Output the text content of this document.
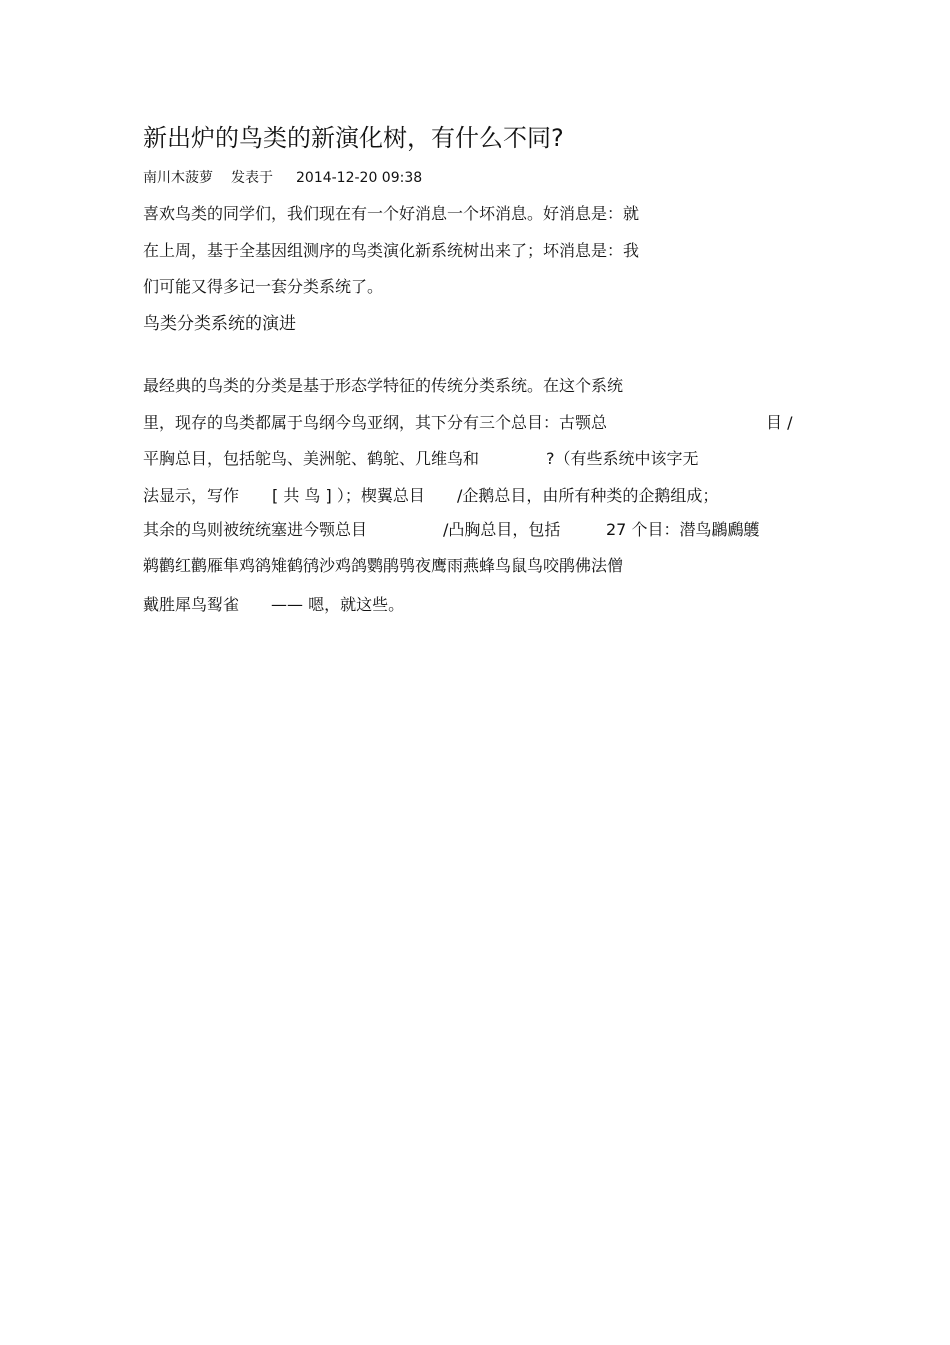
新出炉的鸟类的新演化树，有什么不同?
南川木菠萝 发表于 2014-12-20 09:38
喜欢鸟类的同学们，我们现在有一个好消息一个坏消息。好消息是：就
在上周，基于全基因组测序的鸟类演化新系统树出来了；坏消息是：我
们可能又得多记一套分类系统了。
鸟类分类系统的演进
最经典的鸟类的分类是基于形态学特征的传统分类系统。在这个系统
里，现存的鸟类都属于鸟纲今鸟亚纲，其下分有三个总目：古颚总	目 /
平胸总目，包括鸵鸟、美洲鸵、鹤鸵、几维鸟和	?（有些系统中该字无
法显示，写作 [ 共 鸟 ] ）；楔翼总目 /企鹅总目，由所有种类的企鹅组成；
其余的鸟则被统统塞进今颚总目	/凸胸总目，包括	27 个目：潜鸟鸊鷉鸌
鹈鹳红鹳雁隼鸡鹆雉鹤鸻沙鸡鸽鹦鹃鸮夜鹰雨燕蜂鸟鼠鸟咬鹃佛法僧
戴胜犀鸟䴕雀 —— 嗯，就这些。
